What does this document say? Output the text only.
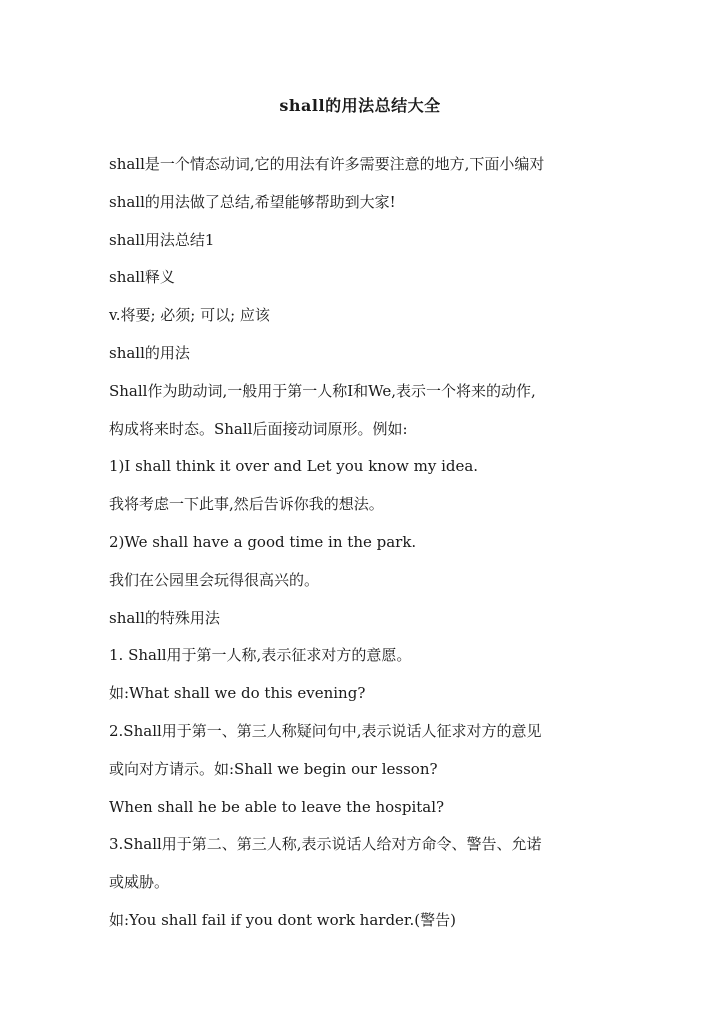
shall的用法总结大全
shall是一个情态动词,它的用法有许多需要注意的地方,下面小编对
shall的用法做了总结,希望能够帮助到大家!
shall用法总结1
shall释义
v.将要; 必须; 可以; 应该
shall的用法
Shall作为助动词,一般用于第一人称I和We,表示一个将来的动作,
构成将来时态。Shall后面接动词原形。例如:
1)I shall think it over and Let you know my idea.
我将考虑一下此事,然后告诉你我的想法。
2)We shall have a good time in the park.
我们在公园里会玩得很高兴的。
shall的特殊用法
1. Shall用于第一人称,表示征求对方的意愿。
如:What shall we do this evening?
2.Shall用于第一、第三人称疑问句中,表示说话人征求对方的意见
或向对方请示。如:Shall we begin our lesson?
When shall he be able to leave the hospital?
3.Shall用于第二、第三人称,表示说话人给对方命令、警告、允诺
或威胁。
如:You shall fail if you dont work harder.(警告)
